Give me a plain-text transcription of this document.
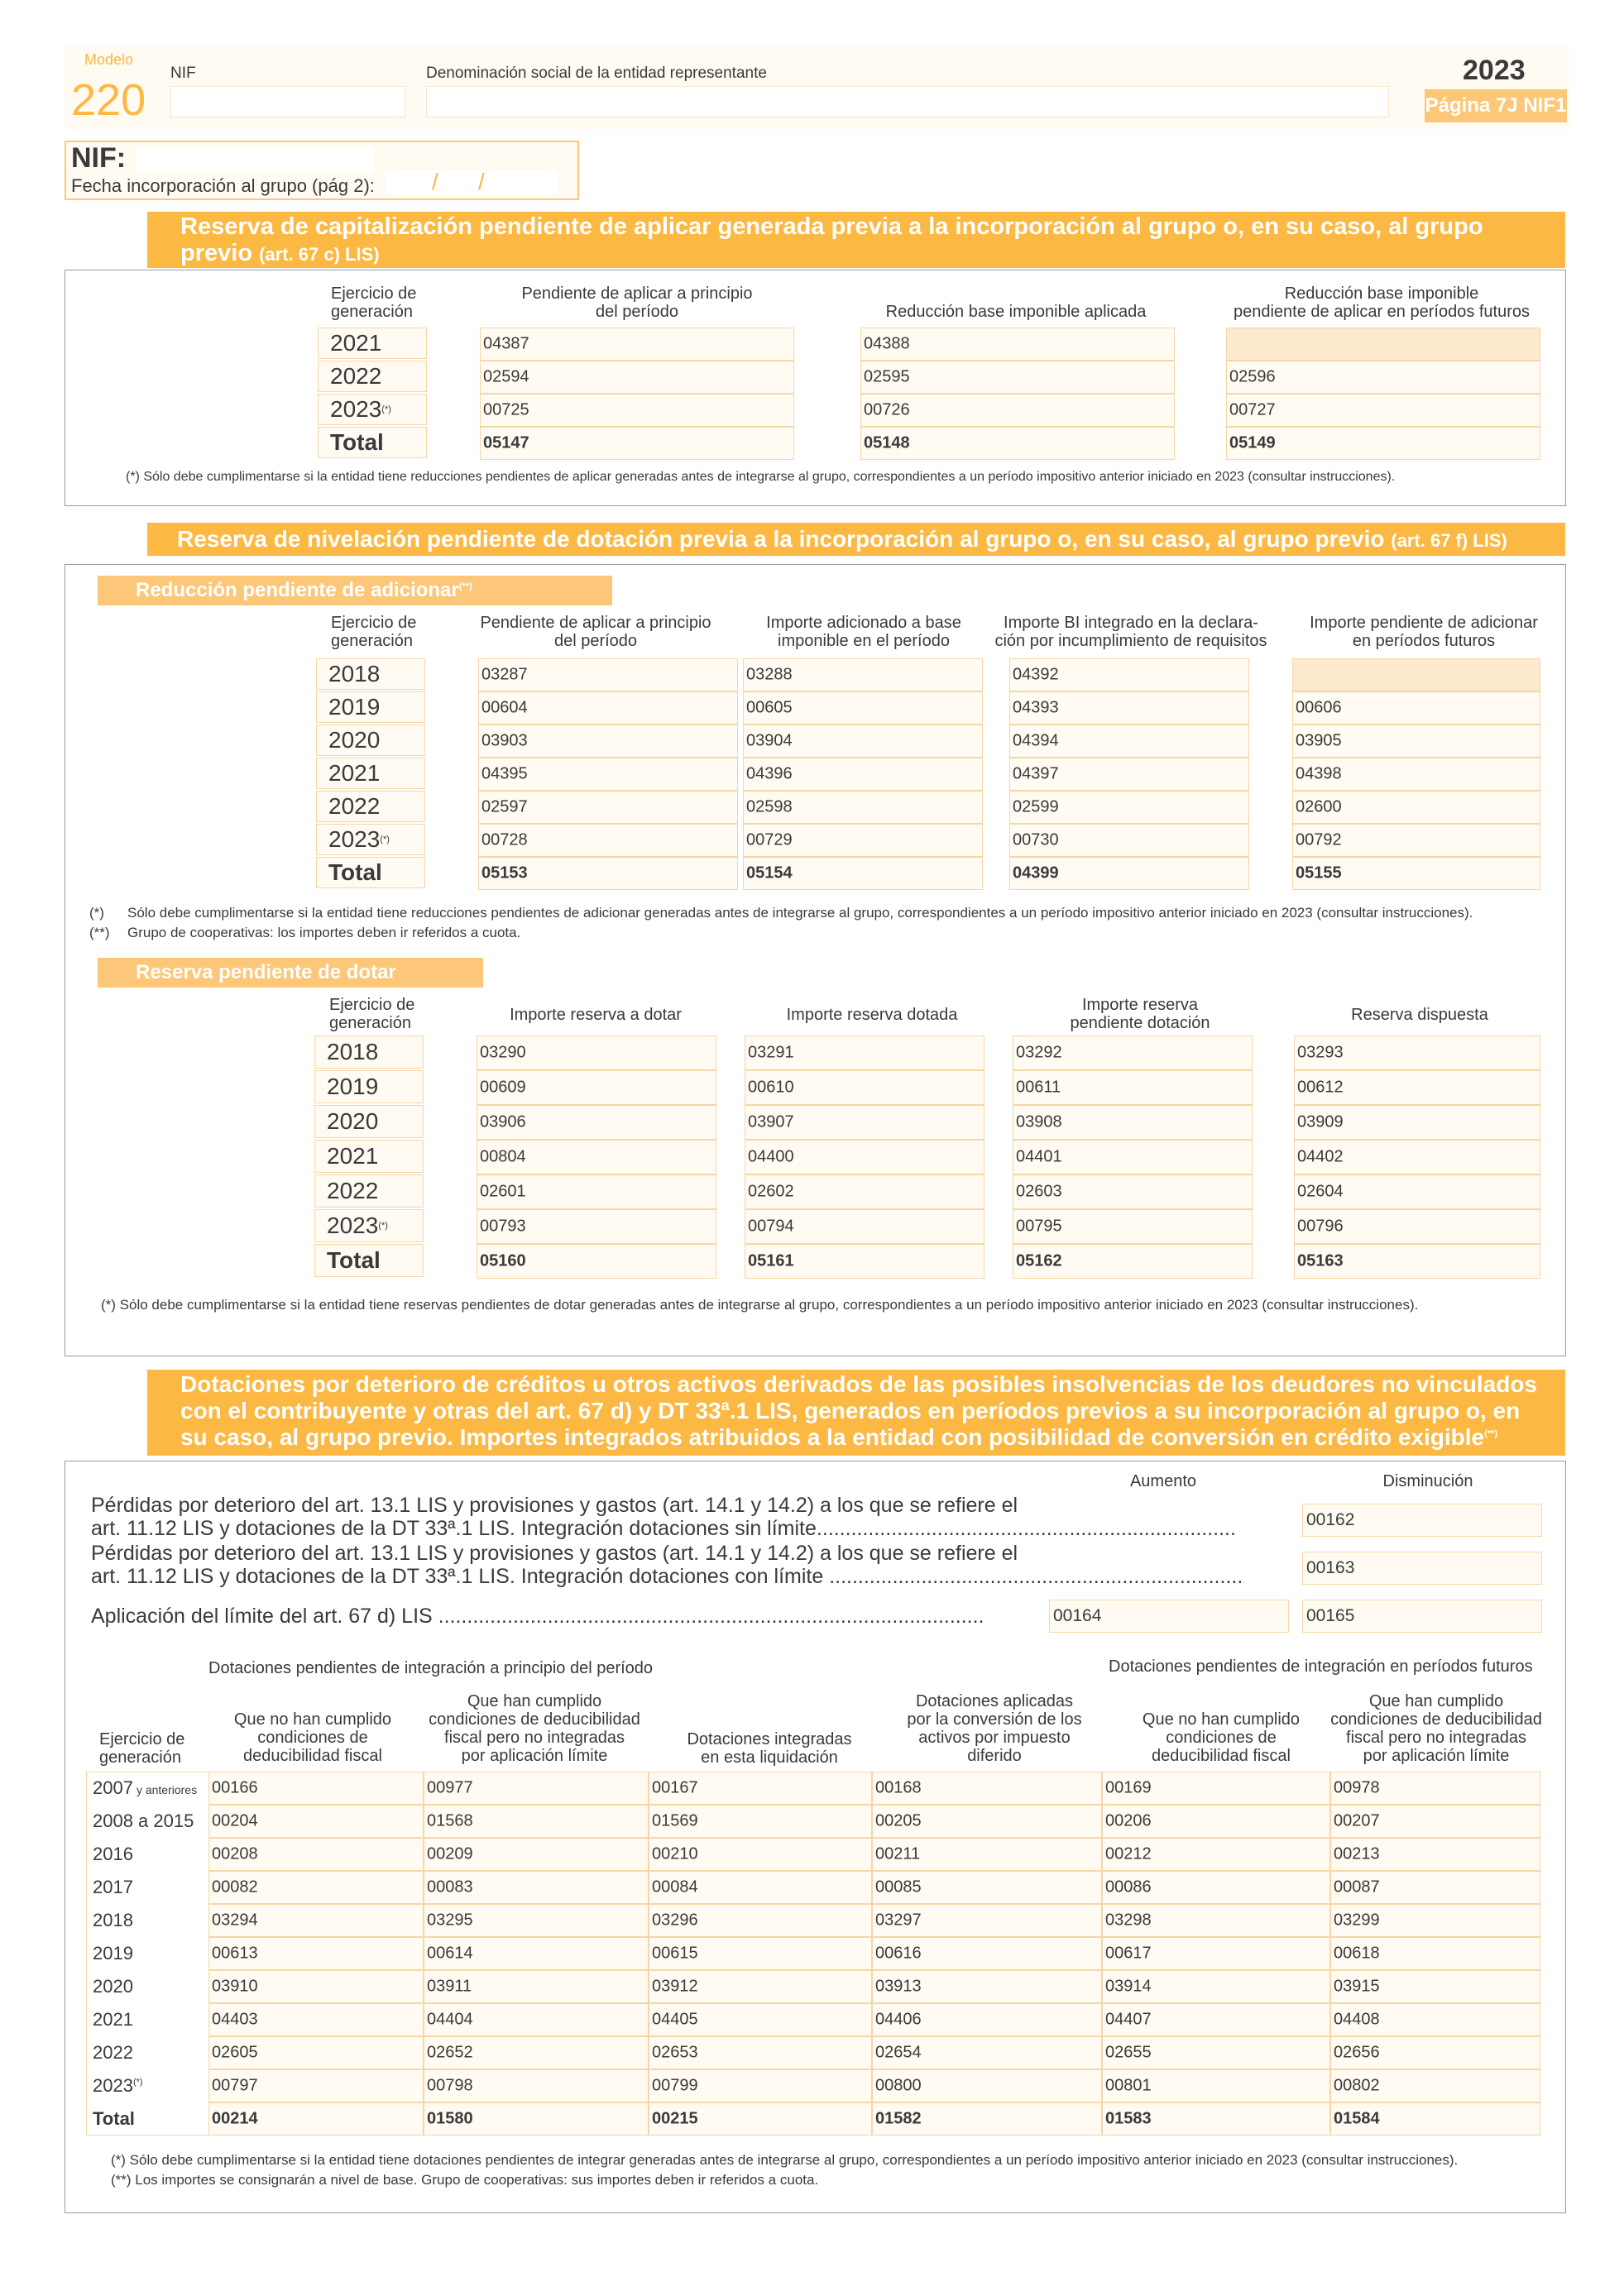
Modelo
220
NIF	Denominación social de la entidad representante	2023
Página 7J NIF1
NIF:
Fecha incorporación al grupo (pág 2): / /
Reserva de capitalización pendiente de aplicar generada previa a la incorporación al grupo o, en su caso, al grupo
previo (art. 67 c) LIS)
Ejercicio de
generación
Pendiente de aplicar a principio
del período	Reducción base imponible aplicada
Reducción base imponible
pendiente de aplicar en períodos futuros
2021	04387	04388
2022	02594	02595	02596
2023 (*)	00725	00726	00727
Total	05147	05148	05149
(*) Sólo debe cumplimentarse si la entidad tiene reducciones pendientes de aplicar generadas antes de integrarse al grupo, correspondientes a un período impositivo anterior iniciado en 2023 (consultar instrucciones).
Reserva de nivelación pendiente de dotación previa a la incorporación al grupo o, en su caso, al grupo previo (art. 67 f) LIS)
Reducción pendiente de adicionar(**)
Ejercicio de
generación
Pendiente de aplicar a principio
del período
Importe adicionado a base
imponible en el período
Importe BI integrado en la declara-
ción por incumplimiento de requisitos
Importe pendiente de adicionar
en períodos futuros
2018	03287	03288	04392
2019	00604	00605	04393	00606
2020	03903	03904	04394	03905
2021	04395	04396	04397	04398
2022	02597	02598	02599	02600
2023 (*)	00728	00729	00730	00792
Total	05153	05154	04399	05155
(*) Sólo debe cumplimentarse si la entidad tiene reducciones pendientes de adicionar generadas antes de integrarse al grupo, correspondientes a un período impositivo anterior iniciado en 2023 (consultar instrucciones).
(**) Grupo de cooperativas: los importes deben ir referidos a cuota.
Reserva pendiente de dotar
Ejercicio de
generación	Importe reserva a dotar	Importe reserva dotada
Importe reserva
pendiente dotación	Reserva dispuesta
2018	03290	03291	03292	03293
2019	00609	00610	00611	00612
2020	03906	03907	03908	03909
2021	00804	04400	04401	04402
2022	02601	02602	02603	02604
2023 (*)	00793	00794	00795	00796
Total	05160	05161	05162	05163
(*) Sólo debe cumplimentarse si la entidad tiene reservas pendientes de dotar generadas antes de integrarse al grupo, correspondientes a un período impositivo anterior iniciado en 2023 (consultar instrucciones).
Dotaciones por deterioro de créditos u otros activos derivados de las posibles insolvencias de los deudores no vinculados
con el contribuyente y otras del art. 67 d) y DT 33ª.1 LIS, generados en períodos previos a su incorporación al grupo o, en
su caso, al grupo previo. Importes integrados atribuidos a la entidad con posibilidad de conversión en crédito exigible(**)
Aumento	Disminución
Pérdidas por deterioro del art. 13.1 LIS y provisiones y gastos (art. 14.1 y 14.2) a los que se refiere el
art. 11.12 LIS y dotaciones de la DT 33ª.1 LIS. Integración dotaciones sin límite.........................................................................	00162
Pérdidas por deterioro del art. 13.1 LIS y provisiones y gastos (art. 14.1 y 14.2) a los que se refiere el
art. 11.12 LIS y dotaciones de la DT 33ª.1 LIS. Integración dotaciones con límite ........................................................................	00163
Aplicación del límite del art. 67 d) LIS ...............................................................................................	00164	00165
Dotaciones pendientes de integración a principio del período	Dotaciones pendientes de integración en períodos futuros
Ejercicio de
generación
Que no han cumplido
condiciones de
deducibilidad fiscal
Que han cumplido
condiciones de deducibilidad
fiscal pero no integradas
por aplicación límite
Dotaciones integradas
en esta liquidación
Dotaciones aplicadas
por la conversión de los
activos por impuesto
diferido
Que no han cumplido
condiciones de
deducibilidad fiscal
Que han cumplido
condiciones de deducibilidad
fiscal pero no integradas
por aplicación límite
2007 y anteriores 00166	00977	00167	00168	00169	00978
2008 a 2015 00204	01568	01569	00205	00206	00207
2016	00208	00209	00210	00211	00212	00213
2017	00082	00083	00084	00085	00086	00087
2018	03294	03295	03296	03297	03298	03299
2019	00613	00614	00615	00616	00617	00618
2020	03910	03911	03912	03913	03914	03915
2021	04403	04404	04405	04406	04407	04408
2022	02605	02652	02653	02654	02655	02656
2023(*)	00797	00798	00799	00800	00801	00802
Total	00214	01580	00215	01582	01583	01584
(*) Sólo debe cumplimentarse si la entidad tiene dotaciones pendientes de integrar generadas antes de integrarse al grupo, correspondientes a un período impositivo anterior iniciado en 2023 (consultar instrucciones).
(**) Los importes se consignarán a nivel de base. Grupo de cooperativas: sus importes deben ir referidos a cuota.
